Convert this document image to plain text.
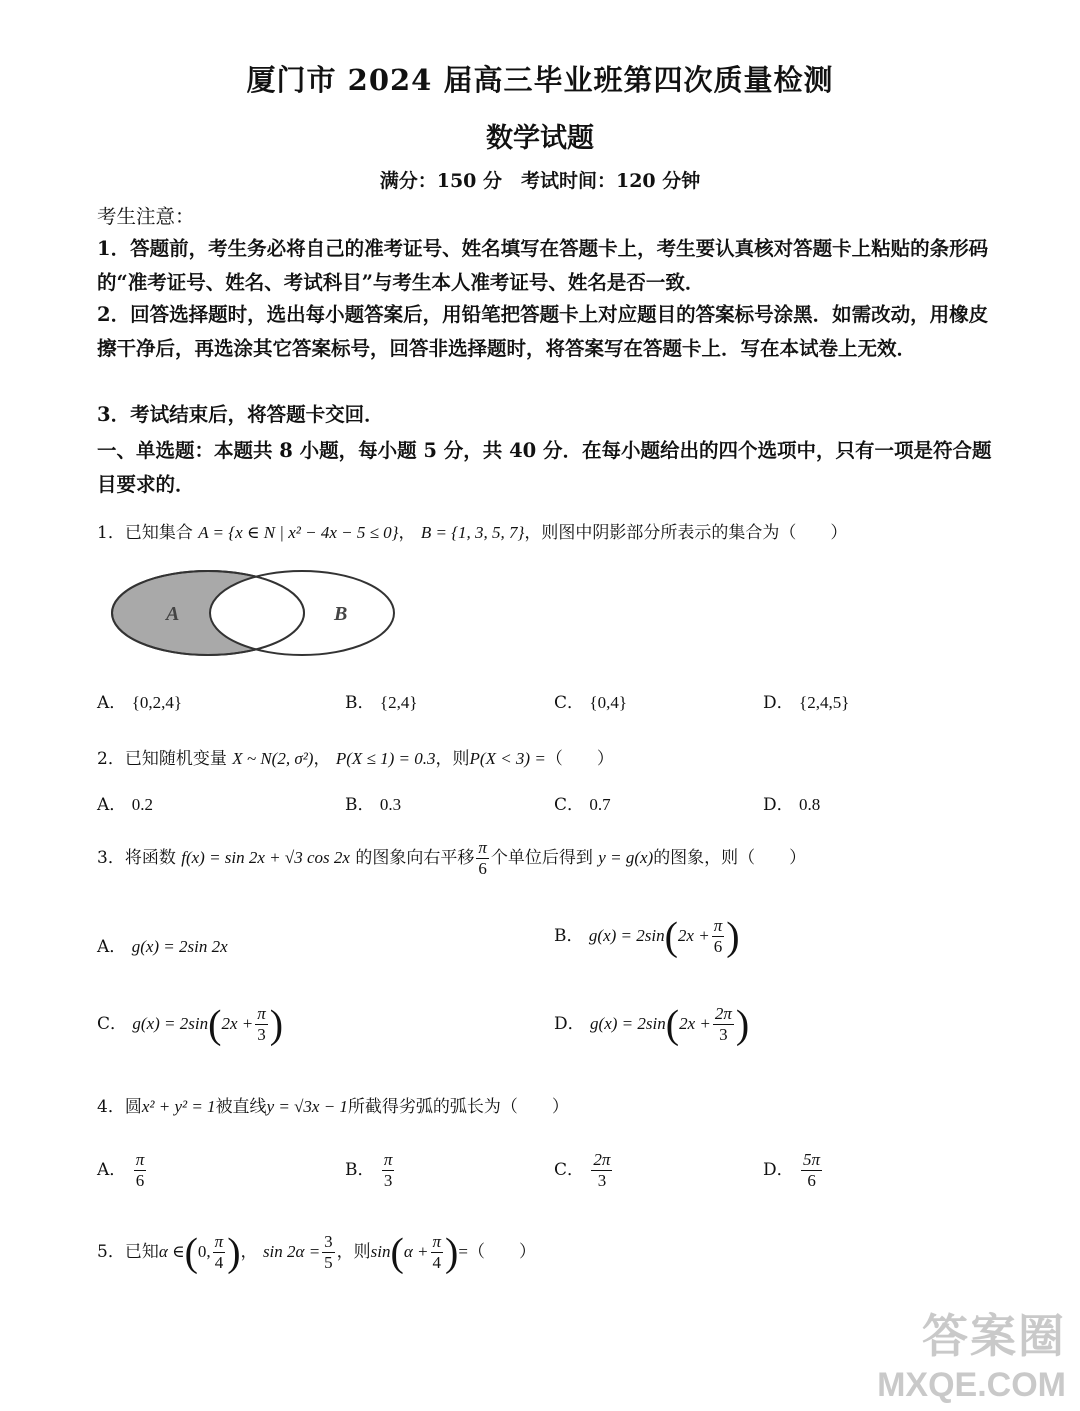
厦门市 2024 届高三毕业班第四次质量检测
数学试题
满分：150 分　考试时间：120 分钟
考生注意：
1．答题前，考生务必将自己的准考证号、姓名填写在答题卡上，考生要认真核对答题卡上粘贴的条形码的“准考证号、姓名、考试科目”与考生本人准考证号、姓名是否一致．
2．回答选择题时，选出每小题答案后，用铅笔把答题卡上对应题目的答案标号涂黑．如需改动，用橡皮擦干净后，再选涂其它答案标号，回答非选择题时，将答案写在答题卡上．写在本试卷上无效．
3．考试结束后，将答题卡交回．
一、单选题：本题共 8 小题，每小题 5 分，共 40 分．在每小题给出的四个选项中，只有一项是符合题目要求的．
1．已知集合 A = {x ∈ N | x² − 4x − 5 ≤ 0}， B = {1, 3, 5, 7}，则图中阴影部分所表示的集合为（　　）
A	B
A． {0,2,4}	B． {2,4}	C． {0,4}	D． {2,4,5}
2．已知随机变量 X ~ N(2, σ²)， P(X ≤ 1) = 0.3，则P(X < 3) =（　　）
A． 0.2	B． 0.3	C． 0.7	D． 0.8
3．将函数 f(x) = sin 2x + √3 cos 2x 的图象向右平移 $\frac{\pi}{6}$ 个单位后得到 y = g(x)的图象，则（　　）
A． g(x) = 2sin 2x
B． $g(x) = 2\sin(2x + \frac{\pi}{6}$ )
C． $g(x) = 2\sin(2x + \frac{\pi}{3}$ )	D． $g(x) = 2\sin(2x + \frac{2\pi}{3}$ )
4．圆x² + y² = 1被直线y = √3x − 1所截得劣弧的弧长为（　　）
A． $\frac{\pi}{6}$	B． $\frac{\pi}{3}$	C． $\frac{2\pi}{3}$	D． $\frac{5\pi}{6}$
5．已知α ∈(0, $\frac{\pi}{4}$ )， $\sin 2\alpha = \frac{3}{5}$ ，则$\sin(\alpha + \frac{\pi}{4}$ )=（　　）
答案圈
MXQE.COM
